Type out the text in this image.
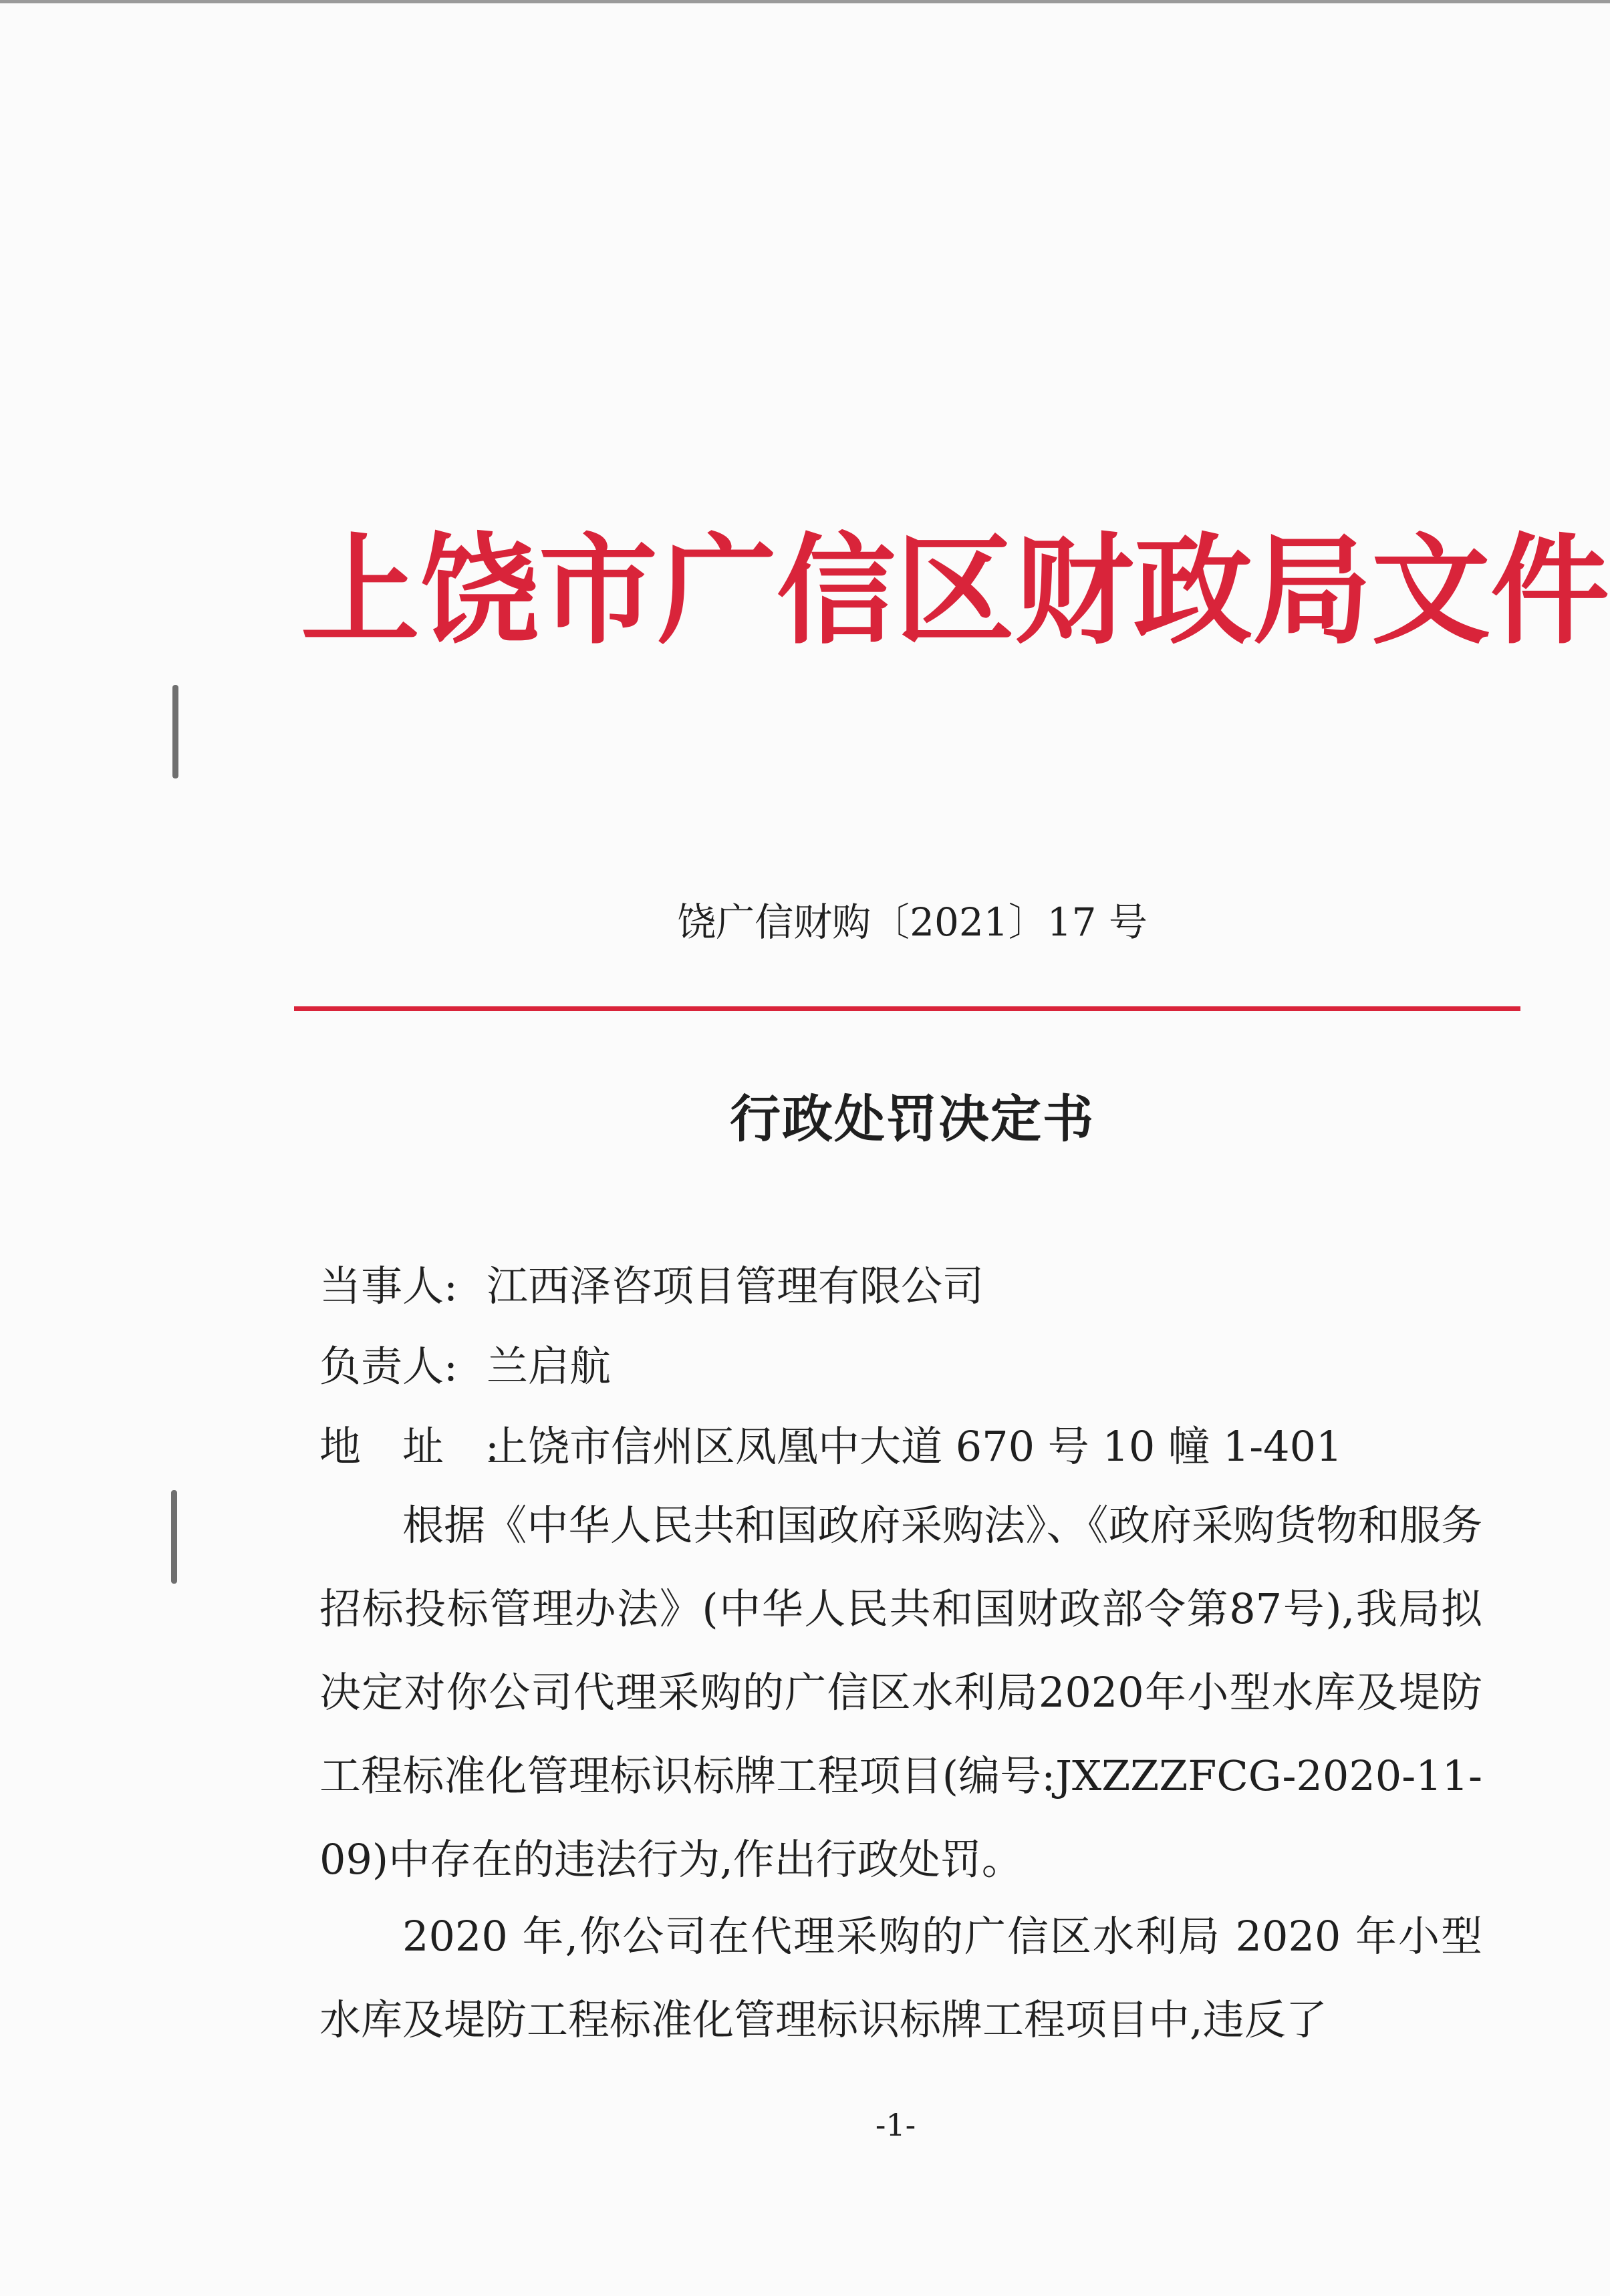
上饶市广信区财政局文件
饶广信财购〔2021〕17 号
行政处罚决定书
当事人: 江西泽咨项目管理有限公司
负责人: 兰启航
地址:上饶市信州区凤凰中大道 670 号 10 幢 1-401

根据《中华人民共和国政府采购法》、《政府采购货物和服务招标投标管理办法》(中华人民共和国财政部令第87号),我局拟决定对你公司代理采购的广信区水利局2020年小型水库及堤防工程标准化管理标识标牌工程项目(编号:JXZZZFCG-2020-11-09)中存在的违法行为,作出行政处罚。

2020 年,你公司在代理采购的广信区水利局 2020 年小型水库及堤防工程标准化管理标识标牌工程项目中,违反了

-1-
